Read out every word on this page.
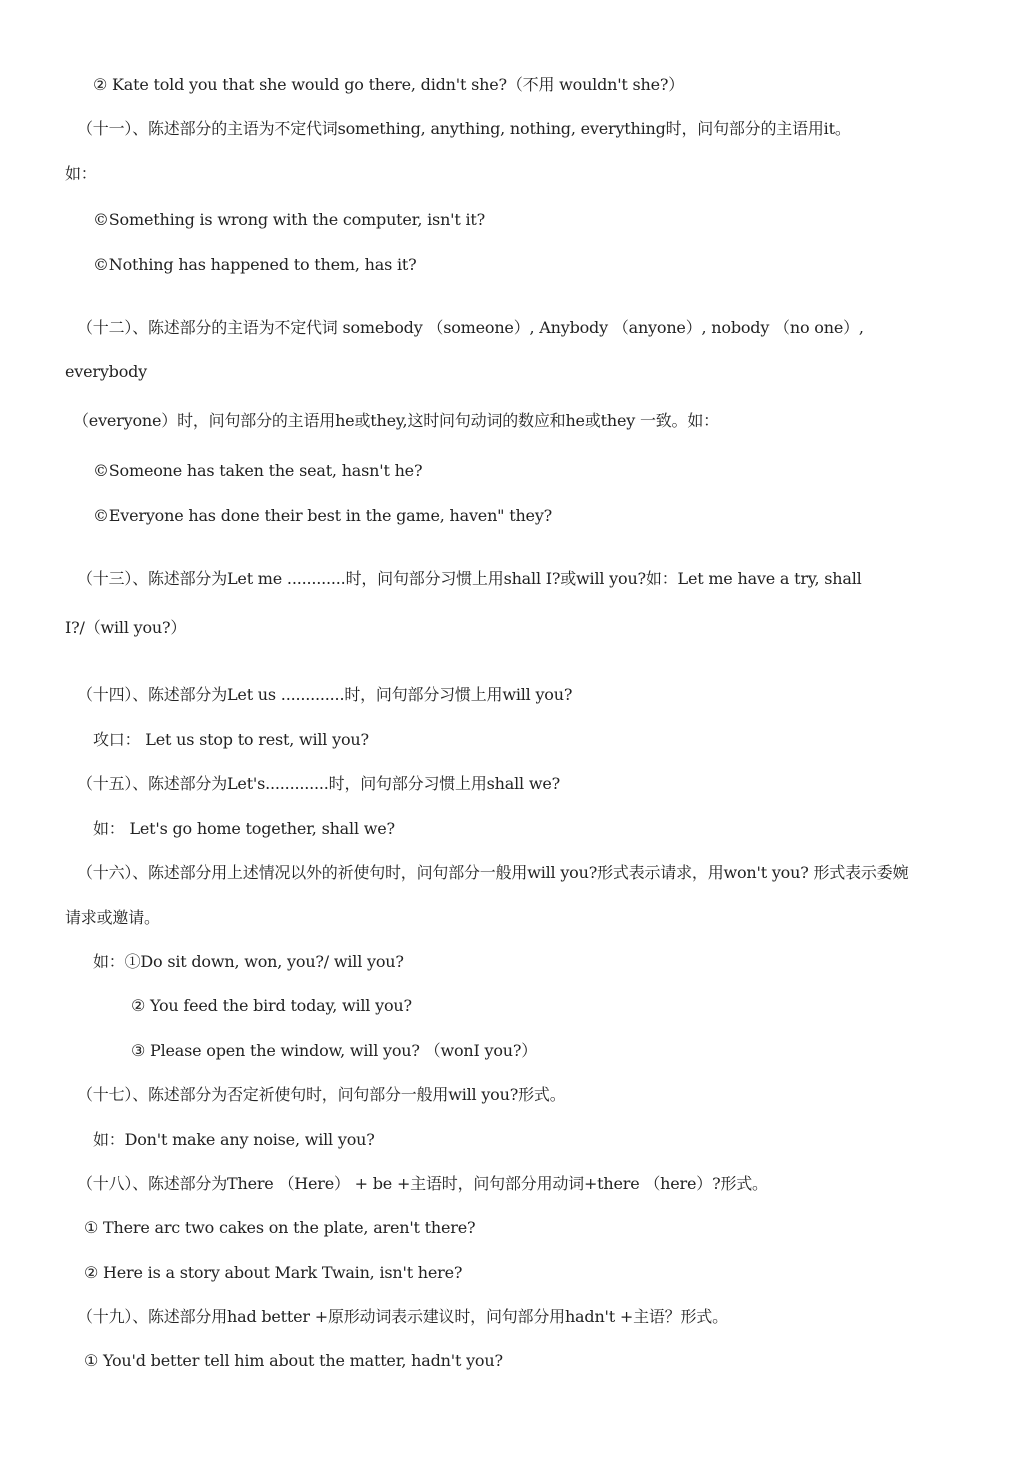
② Kate told you that she would go there, didn't she?（不用 wouldn't she?）
（十一）、陈述部分的主语为不定代词something, anything, nothing, everything时，问句部分的主语用it。
如：
©Something is wrong with the computer, isn't it?
©Nothing has happened to them, has it?
（十二）、陈述部分的主语为不定代词 somebody （someone）, Anybody （anyone）, nobody （no one）,
everybody
（everyone）时，问句部分的主语用he或they,这时问句动词的数应和he或they 一致。如：
©Someone has taken the seat, hasn't he?
©Everyone has done their best in the game, haven" they?
（十三）、陈述部分为Let me ............时，问句部分习惯上用shall I?或will you?如：Let me have a try, shall
I?/（will you?）
（十四）、陈述部分为Let us .............时，问句部分习惯上用will you?
攻口： Let us stop to rest, will you?
（十五）、陈述部分为Let's.............时，问句部分习惯上用shall we?
如： Let's go home together, shall we?
（十六）、陈述部分用上述情况以外的祈使句时，问句部分一般用will you?形式表示请求，用won't you? 形式表示委婉
请求或邀请。
如：①Do sit down, won, you?/ will you?
② You feed the bird today, will you?
③ Please open the window, will you? （wonI you?）
（十七）、陈述部分为否定祈使句时，问句部分一般用will you?形式。
如：Don't make any noise, will you?
（十八）、陈述部分为There （Here） + be +主语时，问句部分用动词+there （here）?形式。
① There arc two cakes on the plate, aren't there?
② Here is a story about Mark Twain, isn't here?
（十九）、陈述部分用had better +原形动词表示建议时，问句部分用hadn't +主语？形式。
① You'd better tell him about the matter, hadn't you?
